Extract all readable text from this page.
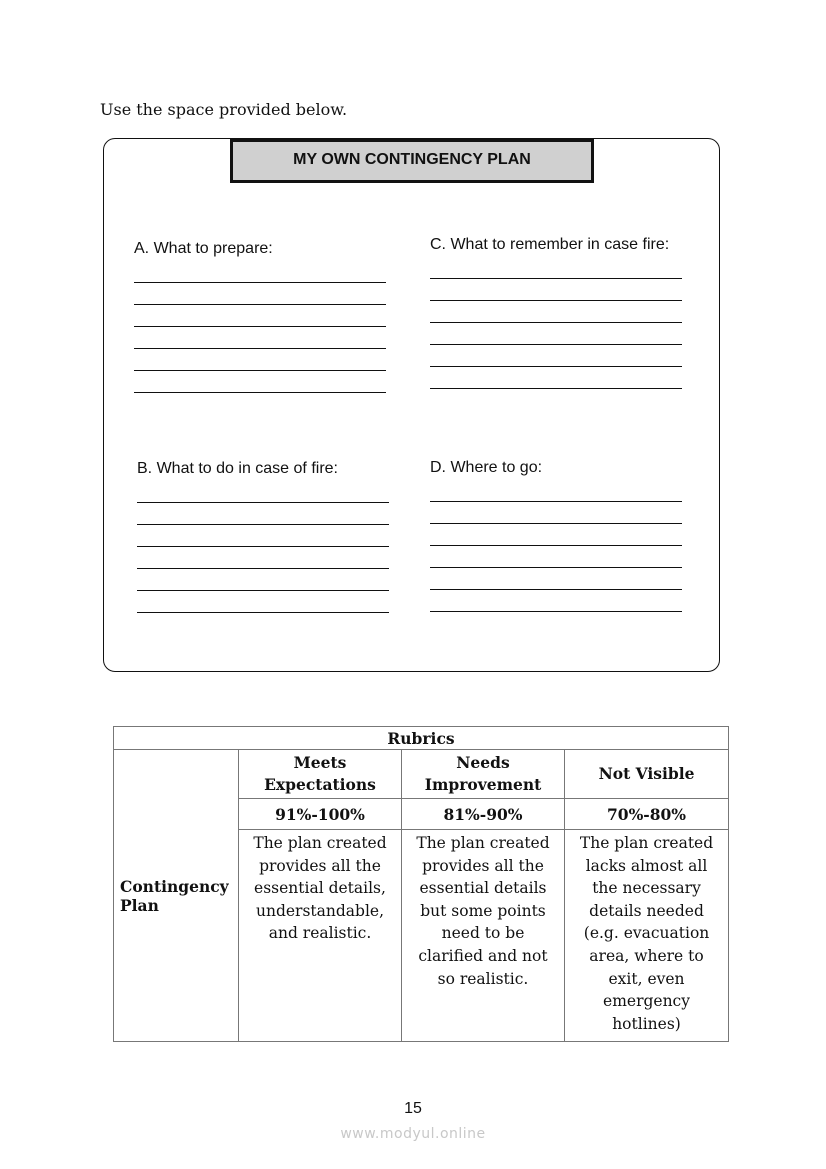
Use the space provided below.
MY OWN CONTINGENCY PLAN
A. What to prepare:	C. What to remember in case fire:
B. What to do in case of fire:	D. Where to go:
Rubrics			
Contingency Plan	Meets Expectations	Needs Improvement	Not Visible
	91%-100%	81%-90%	70%-80%
	The plan created provides all the essential details, understandable, and realistic.	The plan created provides all the essential details but some points need to be clarified and not so realistic.	The plan created lacks almost all the necessary details needed (e.g. evacuation area, where to exit, even emergency hotlines)
15
www.modyul.online
